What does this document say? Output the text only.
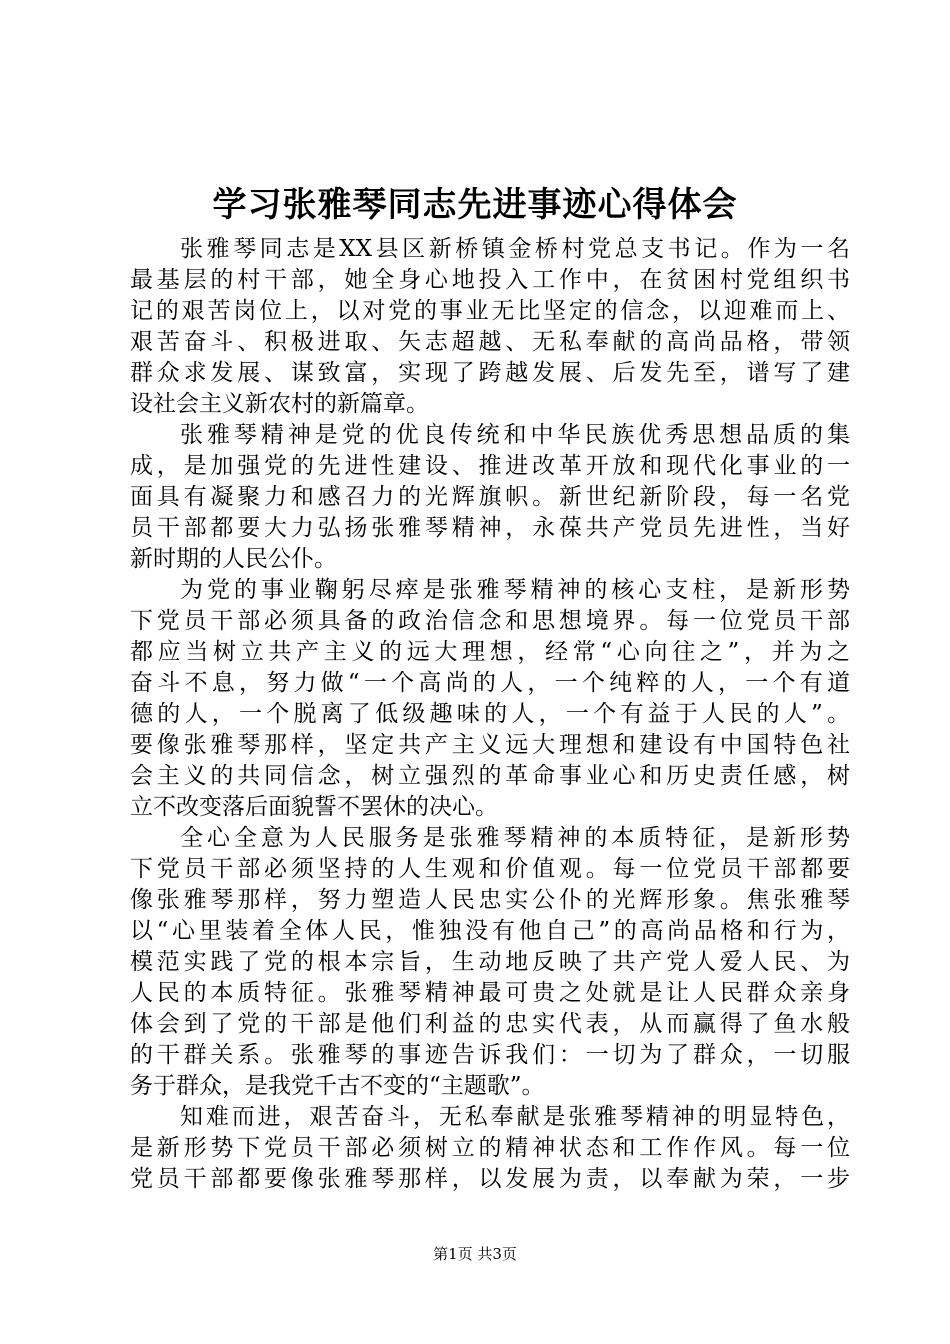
学习张雅琴同志先进事迹心得体会
张雅琴同志是XX县区新桥镇金桥村党总支书记。作为一名
最基层的村干部，她全身心地投入工作中，在贫困村党组织书
记的艰苦岗位上，以对党的事业无比坚定的信念，以迎难而上、
艰苦奋斗、积极进取、矢志超越、无私奉献的高尚品格，带领
群众求发展、谋致富，实现了跨越发展、后发先至，谱写了建
设社会主义新农村的新篇章。
张雅琴精神是党的优良传统和中华民族优秀思想品质的集
成，是加强党的先进性建设、推进改革开放和现代化事业的一
面具有凝聚力和感召力的光辉旗帜。新世纪新阶段，每一名党
员干部都要大力弘扬张雅琴精神，永葆共产党员先进性，当好
新时期的人民公仆。
为党的事业鞠躬尽瘁是张雅琴精神的核心支柱，是新形势
下党员干部必须具备的政治信念和思想境界。每一位党员干部
都应当树立共产主义的远大理想，经常“心向往之”，并为之
奋斗不息，努力做“一个高尚的人，一个纯粹的人，一个有道
德的人，一个脱离了低级趣味的人，一个有益于人民的人”。
要像张雅琴那样，坚定共产主义远大理想和建设有中国特色社
会主义的共同信念，树立强烈的革命事业心和历史责任感，树
立不改变落后面貌誓不罢休的决心。
全心全意为人民服务是张雅琴精神的本质特征，是新形势
下党员干部必须坚持的人生观和价值观。每一位党员干部都要
像张雅琴那样，努力塑造人民忠实公仆的光辉形象。焦张雅琴
以“心里装着全体人民，惟独没有他自己”的高尚品格和行为，
模范实践了党的根本宗旨，生动地反映了共产党人爱人民、为
人民的本质特征。张雅琴精神最可贵之处就是让人民群众亲身
体会到了党的干部是他们利益的忠实代表，从而赢得了鱼水般
的干群关系。张雅琴的事迹告诉我们：一切为了群众，一切服
务于群众，是我党千古不变的“主题歌”。
知难而进，艰苦奋斗，无私奉献是张雅琴精神的明显特色，
是新形势下党员干部必须树立的精神状态和工作作风。每一位
党员干部都要像张雅琴那样，以发展为责，以奉献为荣，一步
第1页 共3页
